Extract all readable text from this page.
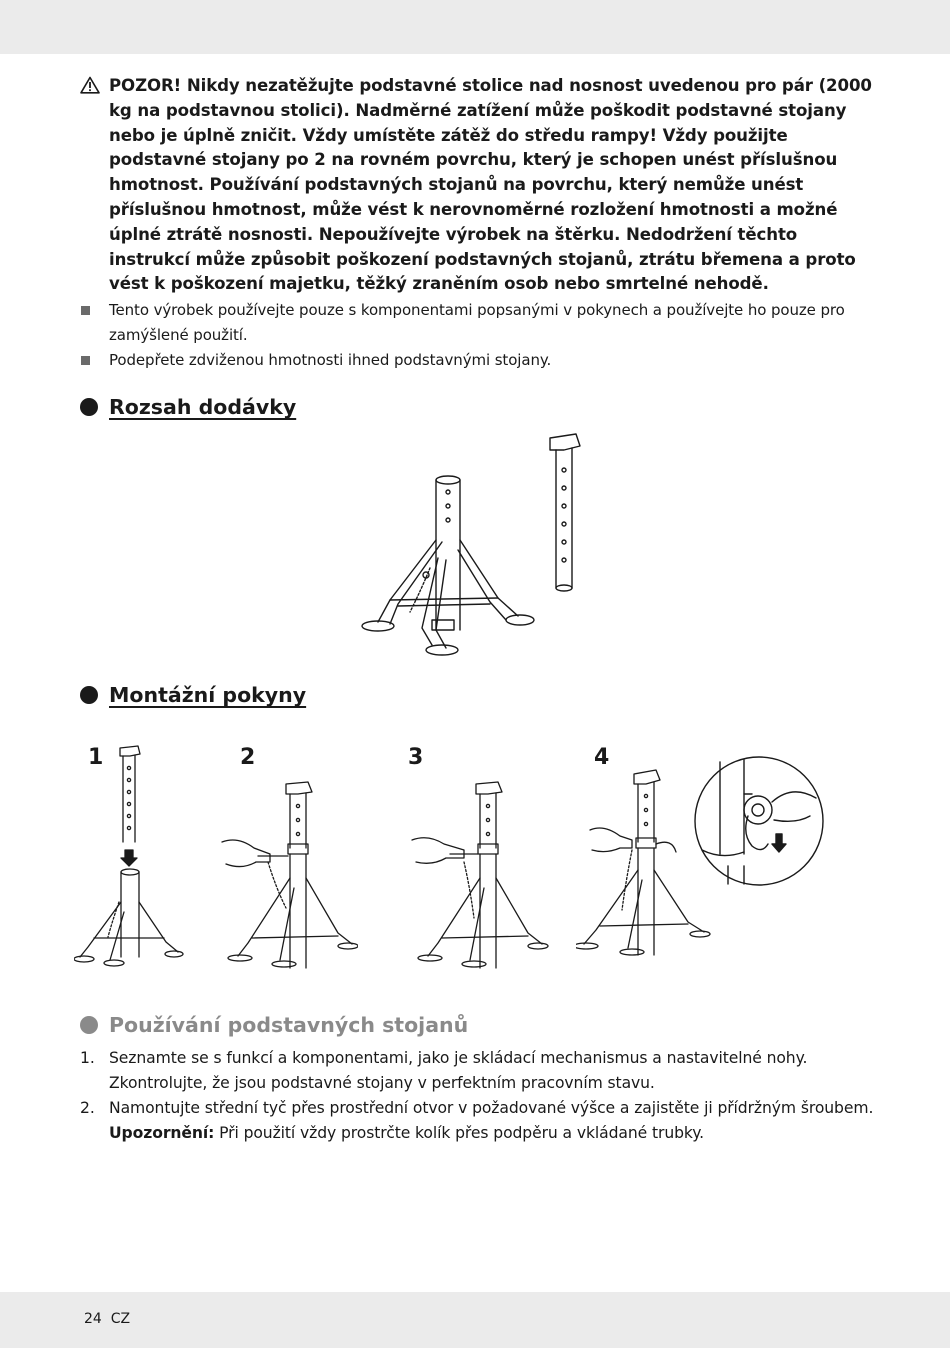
POZOR! Nikdy nezatěžujte podstavné stolice nad nosnost uvedenou pro pár (2000 kg na podstavnou stolici). Nadměrné zatížení může poškodit podstavné stojany nebo je úplně zničit. Vždy umístěte zátěž do středu rampy! Vždy použijte podstavné stojany po 2 na rovném povrchu, který je schopen unést příslušnou hmotnost. Používání podstavných stojanů na povrchu, který nemůže unést příslušnou hmotnost, může vést k nerovnoměrné rozložení hmotnosti a možné úplné ztrátě nosnosti. Nepoužívejte výrobek na štěrku. Nedodržení těchto instrukcí může způsobit poškození podstavných stojanů, ztrátu břemena a proto vést k poškození majetku, těžký zraněním osob nebo smrtelné nehodě.

Tento výrobek používejte pouze s komponentami popsanými v pokynech a používejte ho pouze pro zamýšlené použití.
Podepřete zdviženou hmotnosti ihned podstavnými stojany.
Rozsah dodávky
Montážní pokyny
1	2	3	4
Používání podstavných stojanů
1. Seznamte se s funkcí a komponentami, jako je skládací mechanismus a nastavitelné nohy. Zkontrolujte, že jsou podstavné stojany v perfektním pracovním stavu.
2. Namontujte střední tyč přes prostřední otvor v požadované výšce a zajistěte ji přídržným šroubem.
Upozornění: Při použití vždy prostrčte kolík přes podpěru a vkládané trubky.
24 CZ
